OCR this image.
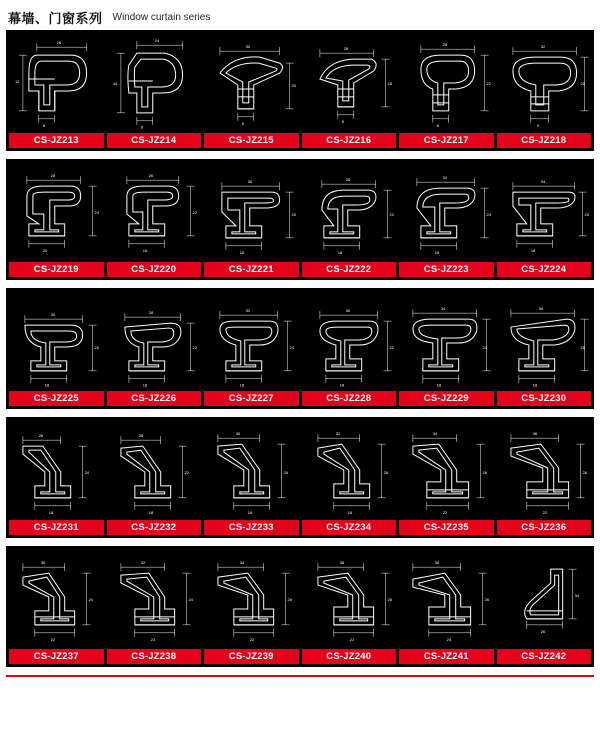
幕墙、门窗系列 Window curtain series
12
26
8
14
24
8
30
8
20
28
8
18
26
8
22
32
9
20
CS-JZ213	CS-JZ214	CS-JZ215	CS-JZ216	CS-JZ217	CS-JZ218
28
20
24
26
18
22
30
18
20
28
18
22
32
18
24
34
18
20
CS-JZ219	CS-JZ220	CS-JZ221	CS-JZ222	CS-JZ223	CS-JZ224
30
18
20
28
18
22
32
18
24
30
18
22
34
18
24
36
18
26
CS-JZ225	CS-JZ226	CS-JZ227	CS-JZ228	CS-JZ229	CS-JZ230
26
18
24
28
18
22
30
18
24
32
18
26
34
22
26
36
22
26
CS-JZ231	CS-JZ232	CS-JZ233	CS-JZ234	CS-JZ235	CS-JZ236
30
22
24
32
22
24
34
22
26
36
22
26
38
24
26
26
34
CS-JZ237	CS-JZ238	CS-JZ239	CS-JZ240	CS-JZ241	CS-JZ242
